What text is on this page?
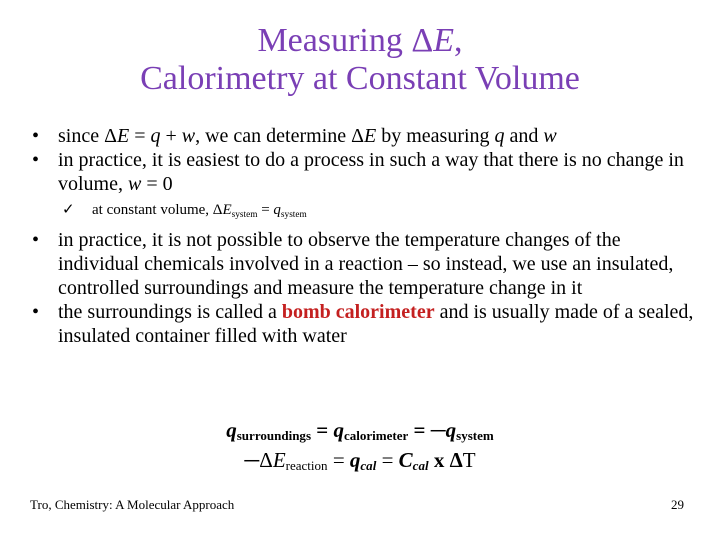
Measuring ΔE,
Calorimetry at Constant Volume

• since ΔE = q + w, we can determine ΔE by measuring q and w

• in practice, it is easiest to do a process in such a way that there is no change in volume, w = 0

✓ at constant volume, $\Delta E_{system} = q_{system}$

• in practice, it is not possible to observe the temperature changes of the individual chemicals involved in a reaction – so instead, we use an insulated, controlled surroundings and measure the temperature change in it

• the surroundings is called a bomb calorimeter and is usually made of a sealed, insulated container filled with water

$q_{surroundings} = q_{calorimeter}$ = $─q_{system}$
$─\Delta E_{reaction} = q_{cal} = C_{cal}$ x ΔT
Tro, Chemistry: A Molecular Approach	29
